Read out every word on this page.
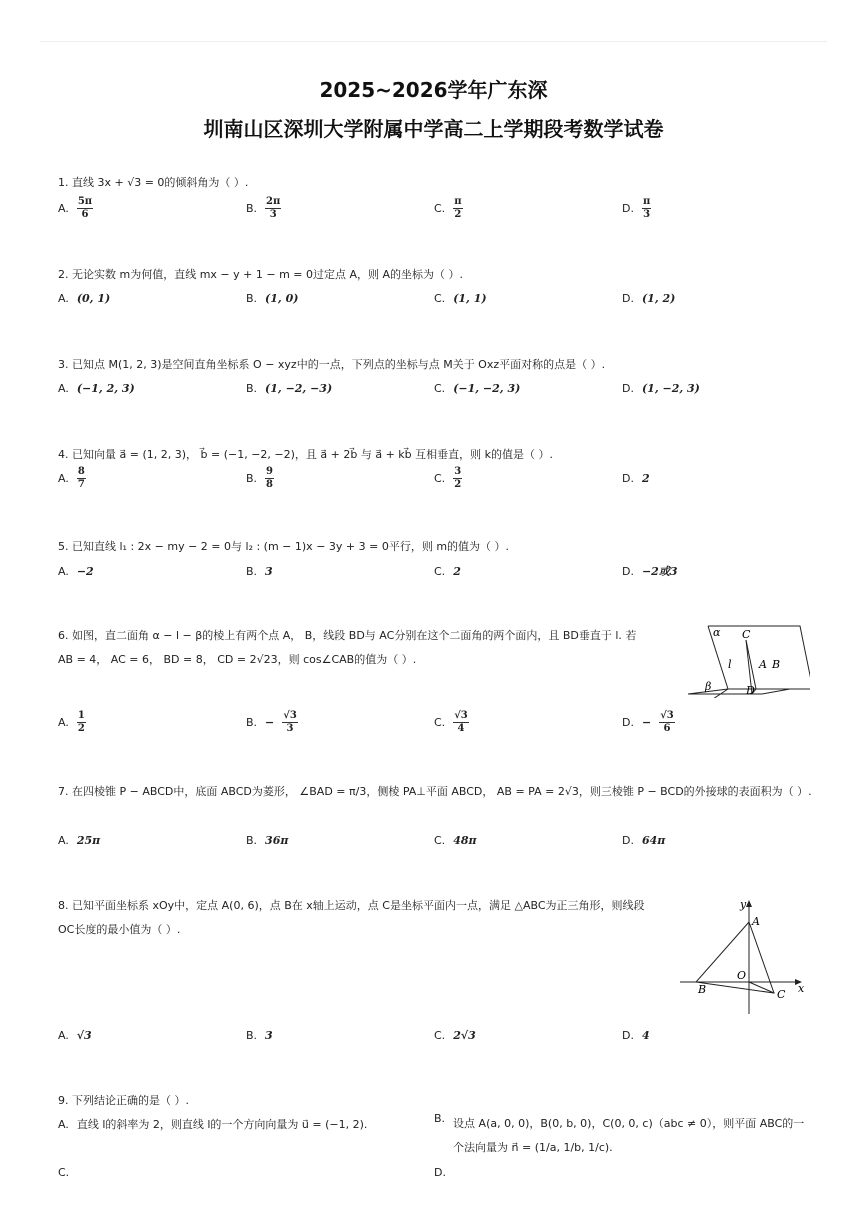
2025~2026学年广东深
圳南山区深圳大学附属中学高二上学期段考数学试卷
1. 直线 3x + √3 = 0的倾斜角为（ ）.
A. $\frac{5\pi}{6}$	B. $\frac{2\pi}{3}$	C. $\frac{\pi}{2}$	D. $\frac{\pi}{3}$
2. 无论实数 m为何值，直线 mx − y + 1 − m = 0过定点 A，则 A的坐标为（ ）.
A. (0, 1)	B. (1, 0)	C. (1, 1)	D. (1, 2)
3. 已知点 M(1, 2, 3)是空间直角坐标系 O − xyz中的一点，下列点的坐标与点 M关于 Oxz平面对称的点是（ ）.
A. (−1, 2, 3)	B. (1, −2, −3)	C. (−1, −2, 3)	D. (1, −2, 3)
4. 已知向量 a⃗ = (1, 2, 3)， b⃗ = (−1, −2, −2)，且 a⃗ + 2b⃗ 与 a⃗ + kb⃗ 互相垂直，则 k的值是（ ）.
A. $\frac{8}{7}$	B. $\frac{9}{8}$	C. $\frac{3}{2}$	D. 2
5. 已知直线 l₁ : 2x − my − 2 = 0与 l₂ : (m − 1)x − 3y + 3 = 0平行，则 m的值为（ ）.
A. −2	B. 3	C. 2	D. −2或3
6. 如图，直二面角 α − l − β的棱上有两个点 A， B，线段 BD与 AC分别在这个二面角的两个面内，且 BD垂直于 l. 若
AB = 4， AC = 6， BD = 8， CD = 2√23，则 cos∠CAB的值为（ ）.
A. $\frac{1}{2}$	B. − $\frac{√3}{3}$	C. $\frac{√3}{4}$	D. − $\frac{√3}{6}$
7. 在四棱锥 P − ABCD中，底面 ABCD为菱形， ∠BAD = π/3，侧棱 PA⊥平面 ABCD， AB = PA = 2√3，则三棱锥 P − BCD的外接球的表面积为（ ）.
A. 25π	B. 36π	C. 48π	D. 64π
8. 已知平面坐标系 xOy中，定点 A(0, 6)，点 B在 x轴上运动，点 C是坐标平面内一点，满足 △ABC为正三角形，则线段
OC长度的最小值为（ ）.
A. √3	B. 3	C. 2√3	D. 4
9. 下列结论正确的是（ ）.
A. 直线 l的斜率为 2，则直线 l的一个方向向量为 u⃗ = (−1, 2).	B. 设点 A(a, 0, 0)，B(0, b, 0)，C(0, 0, c)（abc ≠ 0），则平面 ABC的一
个法向量为 n⃗ = (1/a, 1/b, 1/c).
C.	D.
α C
l A B
β	D
y
A
O
B	C x
